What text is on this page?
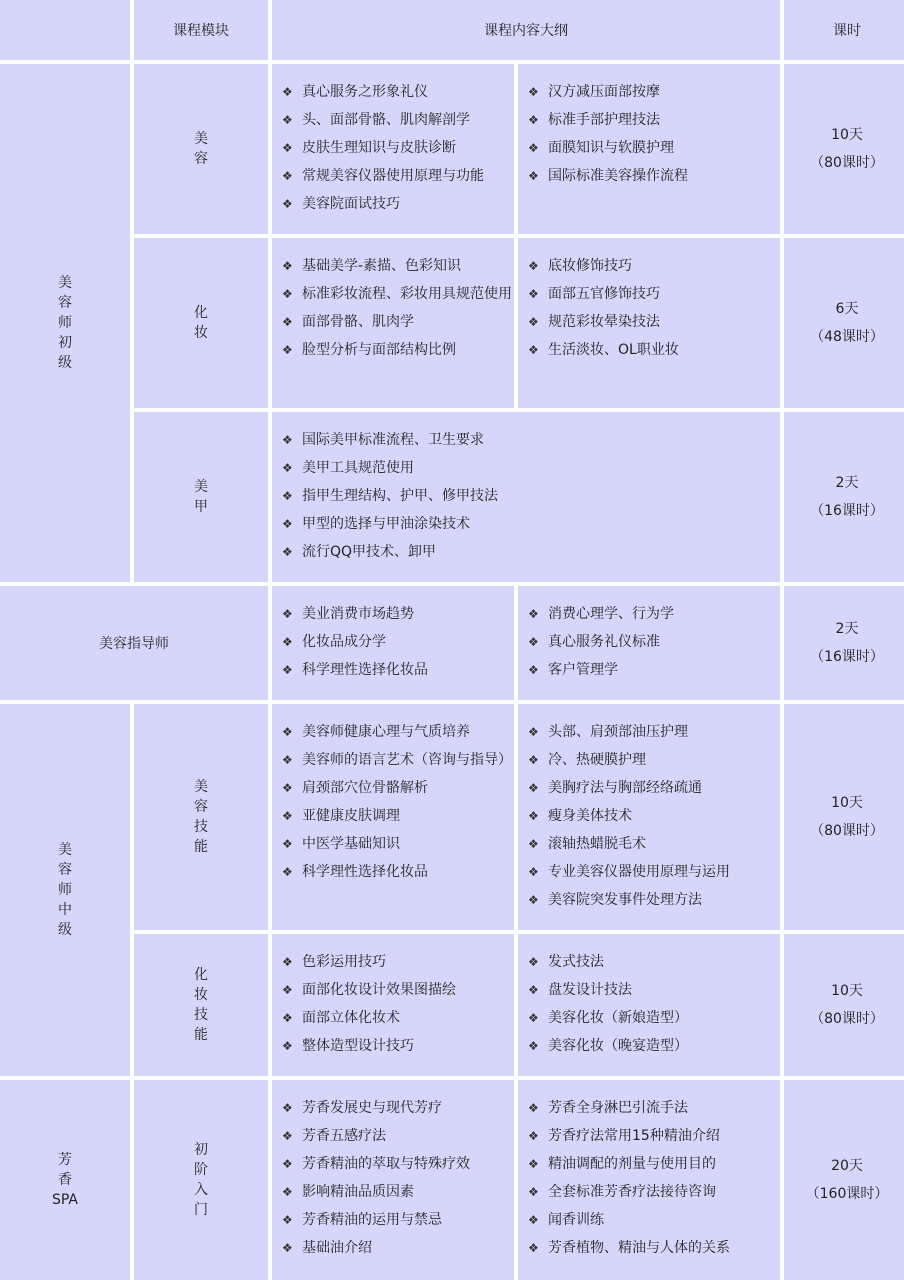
课程模块	课程内容大纲	课时
美
容
师
初
级
美
容
❖ 真心服务之形象礼仪
❖ 头、面部骨骼、肌肉解剖学
❖ 皮肤生理知识与皮肤诊断
❖ 常规美容仪器使用原理与功能
❖ 美容院面试技巧
❖ 汉方减压面部按摩
❖ 标准手部护理技法
❖ 面膜知识与软膜护理
❖ 国际标准美容操作流程
10天
（80课时）
化
妆
❖ 基础美学-素描、色彩知识
❖ 标准彩妆流程、彩妆用具规范使用
❖ 面部骨骼、肌肉学
❖ 脸型分析与面部结构比例
❖ 底妆修饰技巧
❖ 面部五官修饰技巧
❖ 规范彩妆晕染技法
❖ 生活淡妆、OL职业妆
6天
（48课时）
美
甲
❖ 国际美甲标准流程、卫生要求
❖ 美甲工具规范使用
❖ 指甲生理结构、护甲、修甲技法
❖ 甲型的选择与甲油涂染技术
❖ 流行QQ甲技术、卸甲
2天
（16课时）
美容指导师
❖ 美业消费市场趋势
❖ 化妆品成分学
❖ 科学理性选择化妆品
❖ 消费心理学、行为学
❖ 真心服务礼仪标准
❖ 客户管理学
2天
（16课时）
美
容
师
中
级
美
容
技
能
❖ 美容师健康心理与气质培养
❖ 美容师的语言艺术（咨询与指导）
❖ 肩颈部穴位骨骼解析
❖ 亚健康皮肤调理
❖ 中医学基础知识
❖ 科学理性选择化妆品
❖ 头部、肩颈部油压护理
❖ 冷、热硬膜护理
❖ 美胸疗法与胸部经络疏通
❖ 瘦身美体技术
❖ 滚轴热蜡脱毛术
❖ 专业美容仪器使用原理与运用
❖ 美容院突发事件处理方法
10天
（80课时）
化
妆
技
能
❖ 色彩运用技巧
❖ 面部化妆设计效果图描绘
❖ 面部立体化妆术
❖ 整体造型设计技巧
❖ 发式技法
❖ 盘发设计技法
❖ 美容化妆（新娘造型）
❖ 美容化妆（晚宴造型）
10天
（80课时）
芳
香
SPA
初
阶
入
门
❖ 芳香发展史与现代芳疗
❖ 芳香五感疗法
❖ 芳香精油的萃取与特殊疗效
❖ 影响精油品质因素
❖ 芳香精油的运用与禁忌
❖ 基础油介绍
❖ 芳香全身淋巴引流手法
❖ 芳香疗法常用15种精油介绍
❖ 精油调配的剂量与使用目的
❖ 全套标准芳香疗法接待咨询
❖ 闻香训练
❖ 芳香植物、精油与人体的关系
20天
（160课时）
